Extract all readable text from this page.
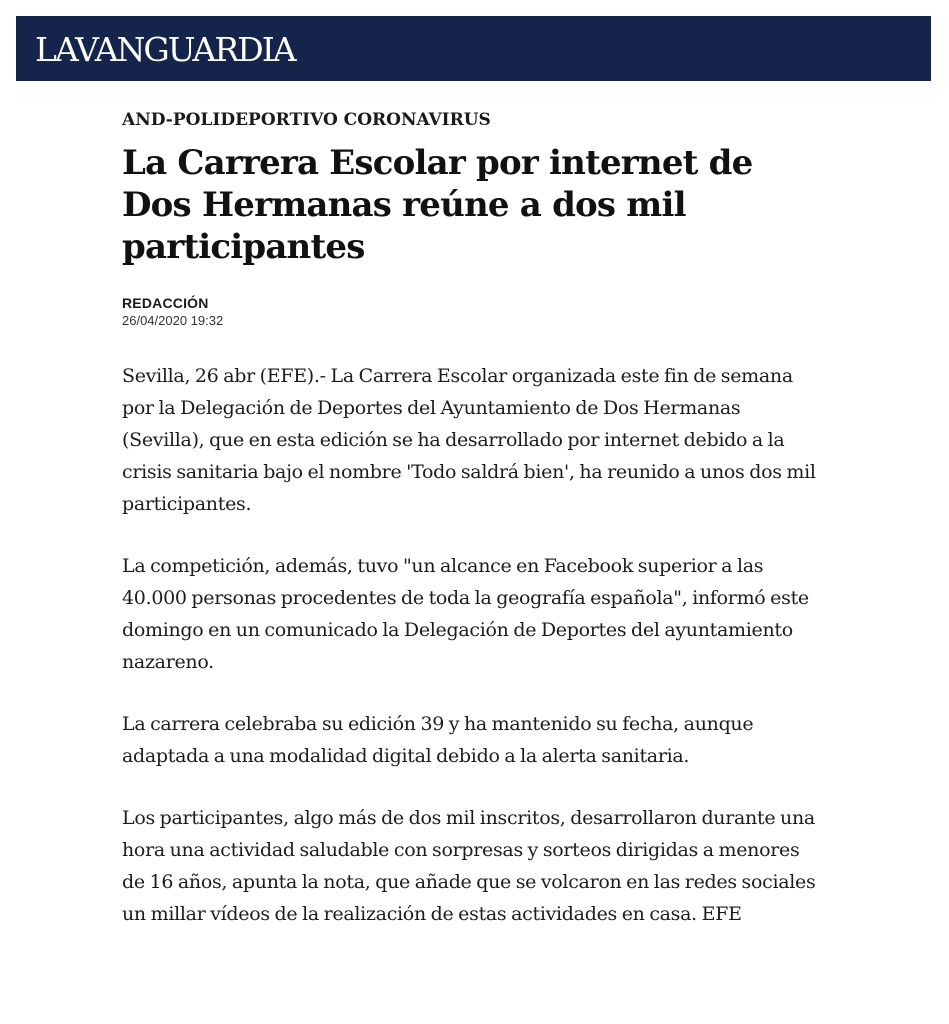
LAVANGUARDIA

AND-POLIDEPORTIVO CORONAVIRUS

La Carrera Escolar por internet de Dos Hermanas reúne a dos mil participantes
REDACCIÓN
26/04/2020 19:32

Sevilla, 26 abr (EFE).- La Carrera Escolar organizada este fin de semana por la Delegación de Deportes del Ayuntamiento de Dos Hermanas (Sevilla), que en esta edición se ha desarrollado por internet debido a la crisis sanitaria bajo el nombre 'Todo saldrá bien', ha reunido a unos dos mil participantes.

La competición, además, tuvo "un alcance en Facebook superior a las 40.000 personas procedentes de toda la geografía española", informó este domingo en un comunicado la Delegación de Deportes del ayuntamiento nazareno.

La carrera celebraba su edición 39 y ha mantenido su fecha, aunque adaptada a una modalidad digital debido a la alerta sanitaria.

Los participantes, algo más de dos mil inscritos, desarrollaron durante una hora una actividad saludable con sorpresas y sorteos dirigidas a menores de 16 años, apunta la nota, que añade que se volcaron en las redes sociales un millar vídeos de la realización de estas actividades en casa. EFE
